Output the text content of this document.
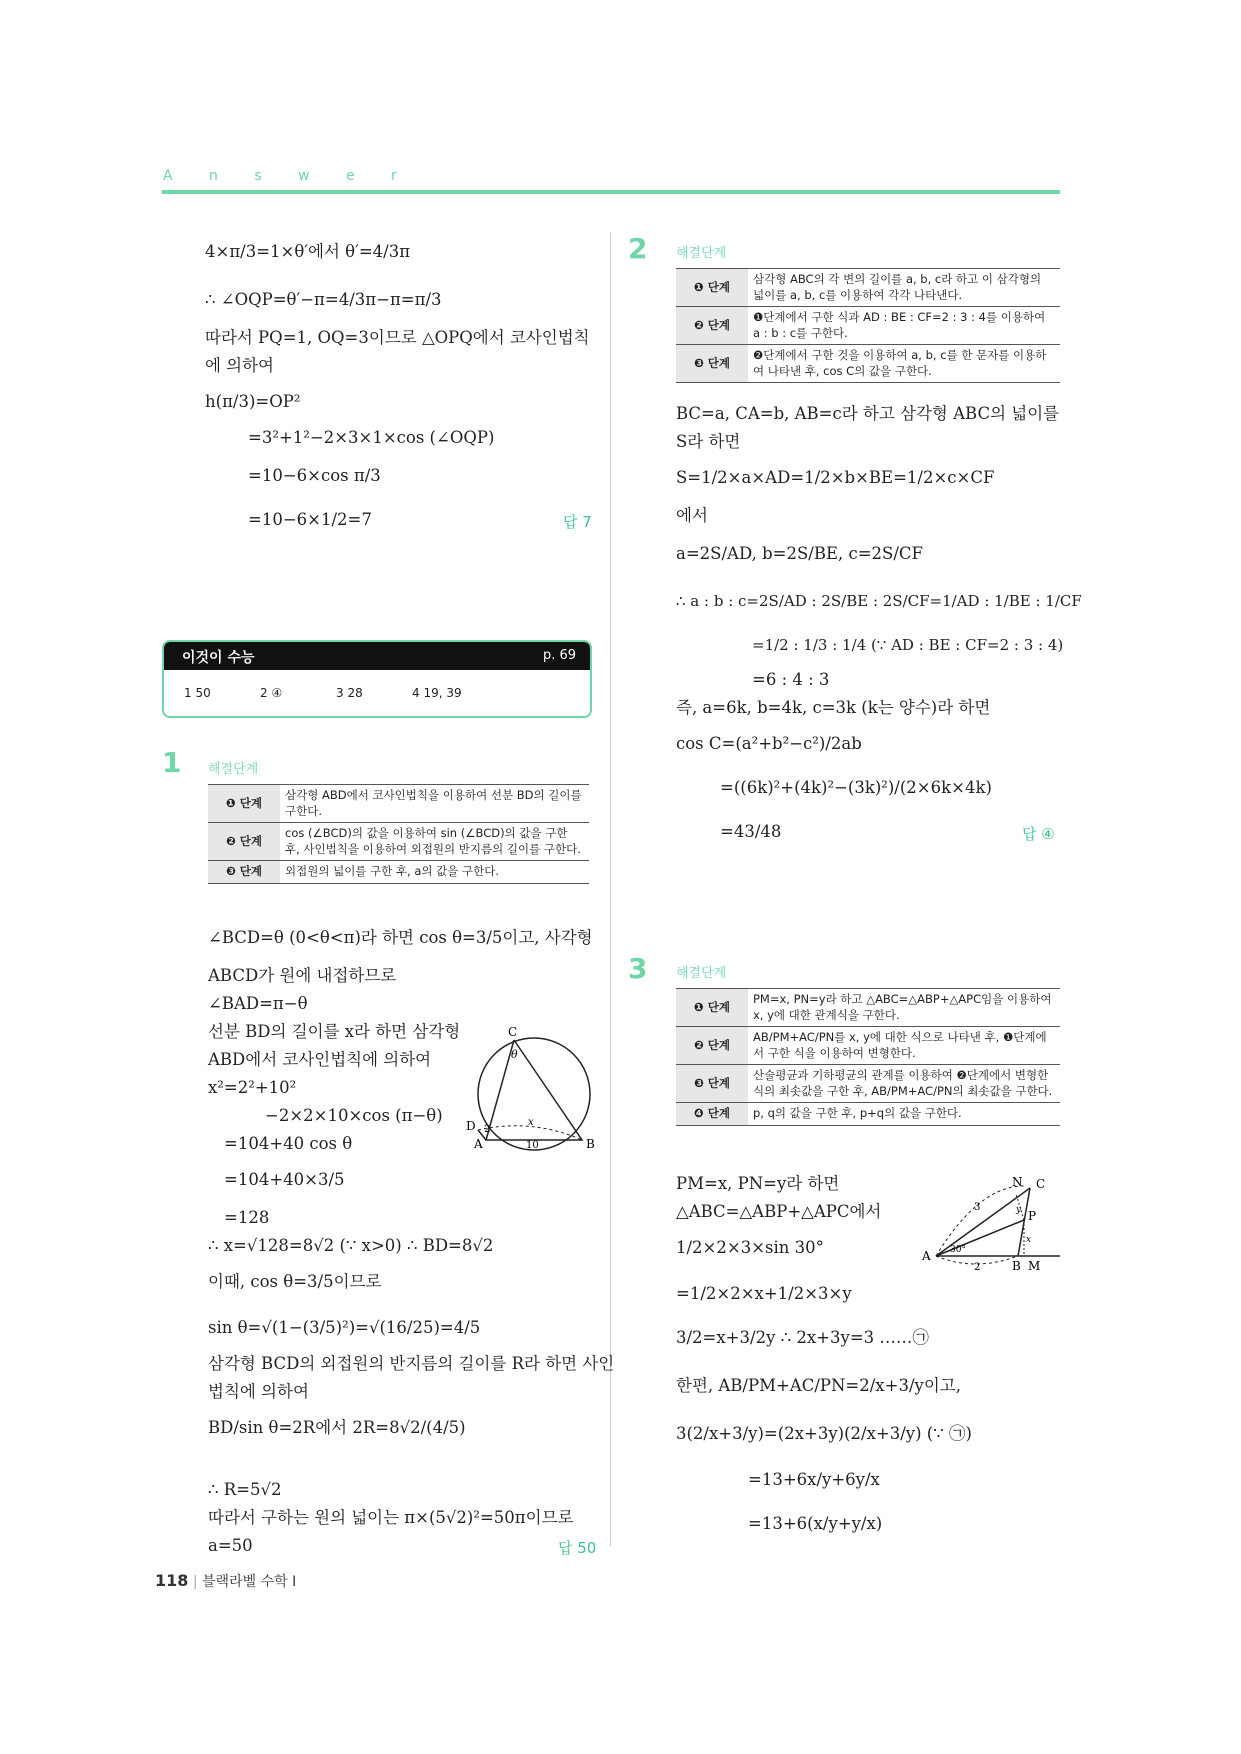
A n s w e r
4×π/3=1×θ′에서 θ′=4/3π
∴ ∠OQP=θ′−π=4/3π−π=π/3
따라서 PQ=1, OQ=3이므로 △OPQ에서 코사인법칙
에 의하여
h(π/3)=OP²
=3²+1²−2×3×1×cos (∠OQP)
=10−6×cos π/3
=10−6×1/2=7	답 7
이것이 수능	p. 69
1 50	2 ④	3 28	4 19, 39
1 해결단계
❶ 단계	삼각형 ABD에서 코사인법칙을 이용하여 선분 BD의 길이를 구한다.
❷ 단계	cos (∠BCD)의 값을 이용하여 sin (∠BCD)의 값을 구한 후, 사인법칙을 이용하여 외접원의 반지름의 길이를 구한다.
❸ 단계	외접원의 넓이를 구한 후, a의 값을 구한다.
∠BCD=θ (0<θ<π)라 하면 cos θ=3/5이고, 사각형
ABCD가 원에 내접하므로
∠BAD=π−θ
선분 BD의 길이를 x라 하면 삼각형
ABD에서 코사인법칙에 의하여
x²=2²+10²
−2×2×10×cos (π−θ)
=104+40 cos θ
=104+40×3/5
=128
∴ x=√128=8√2 (∵ x>0) ∴ BD=8√2
이때, cos θ=3/5이므로
sin θ=√(1−(3/5)²)=√(16/25)=4/5
삼각형 BCD의 외접원의 반지름의 길이를 R라 하면 사인
법칙에 의하여
BD/sin θ=2R에서 2R=8√2/(4/5)
∴ R=5√2
따라서 구하는 원의 넓이는 π×(5√2)²=50π이므로
a=50	답 50
C
θ
D 2
A	10
x
B
2 해결단계
❶ 단계	삼각형 ABC의 각 변의 길이를 a, b, c라 하고 이 삼각형의 넓이를 a, b, c를 이용하여 각각 나타낸다.
❷ 단계	❶단계에서 구한 식과 AD : BE : CF=2 : 3 : 4를 이용하여 a : b : c를 구한다.
❸ 단계	❷단계에서 구한 것을 이용하여 a, b, c를 한 문자를 이용하여 나타낸 후, cos C의 값을 구한다.
BC=a, CA=b, AB=c라 하고 삼각형 ABC의 넓이를
S라 하면
S=1/2×a×AD=1/2×b×BE=1/2×c×CF
에서
a=2S/AD, b=2S/BE, c=2S/CF
∴ a : b : c=2S/AD : 2S/BE : 2S/CF=1/AD : 1/BE : 1/CF
=1/2 : 1/3 : 1/4 (∵ AD : BE : CF=2 : 3 : 4)
=6 : 4 : 3
즉, a=6k, b=4k, c=3k (k는 양수)라 하면
cos C=(a²+b²−c²)/2ab
=((6k)²+(4k)²−(3k)²)/(2×6k×4k)
=43/48	답 ④
3 해결단계
❶ 단계	PM=x, PN=y라 하고 △ABC=△ABP+△APC임을 이용하여 x, y에 대한 관계식을 구한다.
❷ 단계	AB/PM+AC/PN를 x, y에 대한 식으로 나타낸 후, ❶단계에서 구한 식을 이용하여 변형한다.
❸ 단계	산술평균과 기하평균의 관계를 이용하여 ❷단계에서 변형한 식의 최솟값을 구한 후, AB/PM+AC/PN의 최솟값을 구한다.
❹ 단계	p, q의 값을 구한 후, p+q의 값을 구한다.
PM=x, PN=y라 하면
△ABC=△ABP+△APC에서
1/2×2×3×sin 30°
=1/2×2×x+1/2×3×y
3/2=x+3/2y ∴ 2x+3y=3 ……㉠
한편, AB/PM+AC/PN=2/x+3/y이고,
3(2/x+3/y)=(2x+3y)(2/x+3/y) (∵ ㉠)
=13+6x/y+6y/x
=13+6(x/y+y/x)
N C
3
P
y
x
A 30°
2	B M
118 | 블랙라벨 수학 Ⅰ
